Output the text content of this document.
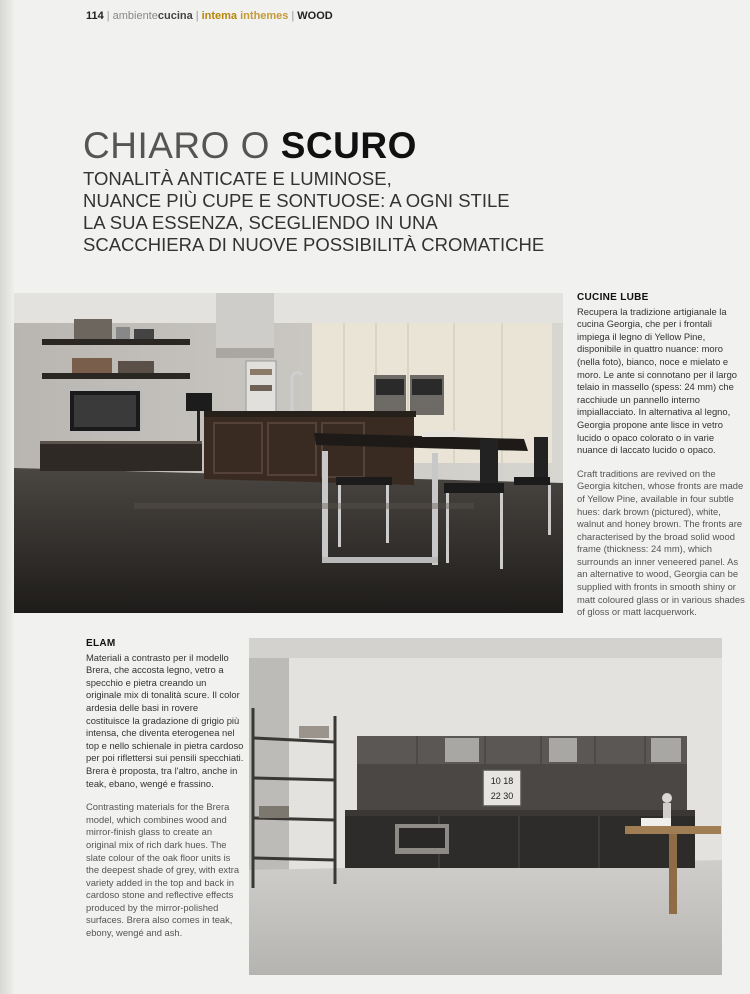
114 | ambientecucina | intema inthemes | WOOD
CHIARO O SCURO
TONALITÀ ANTICATE E LUMINOSE,
NUANCE PIÙ CUPE E SONTUOSE: A OGNI STILE
LA SUA ESSENZA, SCEGLIENDO IN UNA
SCACCHIERA DI NUOVE POSSIBILITÀ CROMATICHE
CUCINE LUBE

Recupera la tradizione artigianale la cucina Georgia, che per i frontali impiega il legno di Yellow Pine, disponibile in quattro nuance: moro (nella foto), bianco, noce e mielato e moro. Le ante si connotano per il largo telaio in massello (spess: 24 mm) che racchiude un pannello interno impiallacciato. In alternativa al legno, Georgia propone ante lisce in vetro lucido o opaco colorato o in varie nuance di laccato lucido o opaco.

Craft traditions are revived on the Georgia kitchen, whose fronts are made of Yellow Pine, available in four subtle hues: dark brown (pictured), white, walnut and honey brown. The fronts are characterised by the broad solid wood frame (thickness: 24 mm), which surrounds an inner veneered panel. As an alternative to wood, Georgia can be supplied with fronts in smooth shiny or matt coloured glass or in various shades of gloss or matt lacquerwork.

ELAM

Materiali a contrasto per il modello Brera, che accosta legno, vetro a specchio e pietra creando un originale mix di tonalità scure. Il color ardesia delle basi in rovere costituisce la gradazione di grigio più intensa, che diventa eterogenea nel top e nello schienale in pietra cardoso per poi riflettersi sui pensili specchiati. Brera è proposta, tra l'altro, anche in teak, ebano, wengé e frassino.

Contrasting materials for the Brera model, which combines wood and mirror-finish glass to create an original mix of rich dark hues. The slate colour of the oak floor units is the deepest shade of grey, with extra variety added in the top and back in cardoso stone and reflective effects produced by the mirror-polished surfaces. Brera also comes in teak, ebony, wengé and ash.

10 18
22 30
